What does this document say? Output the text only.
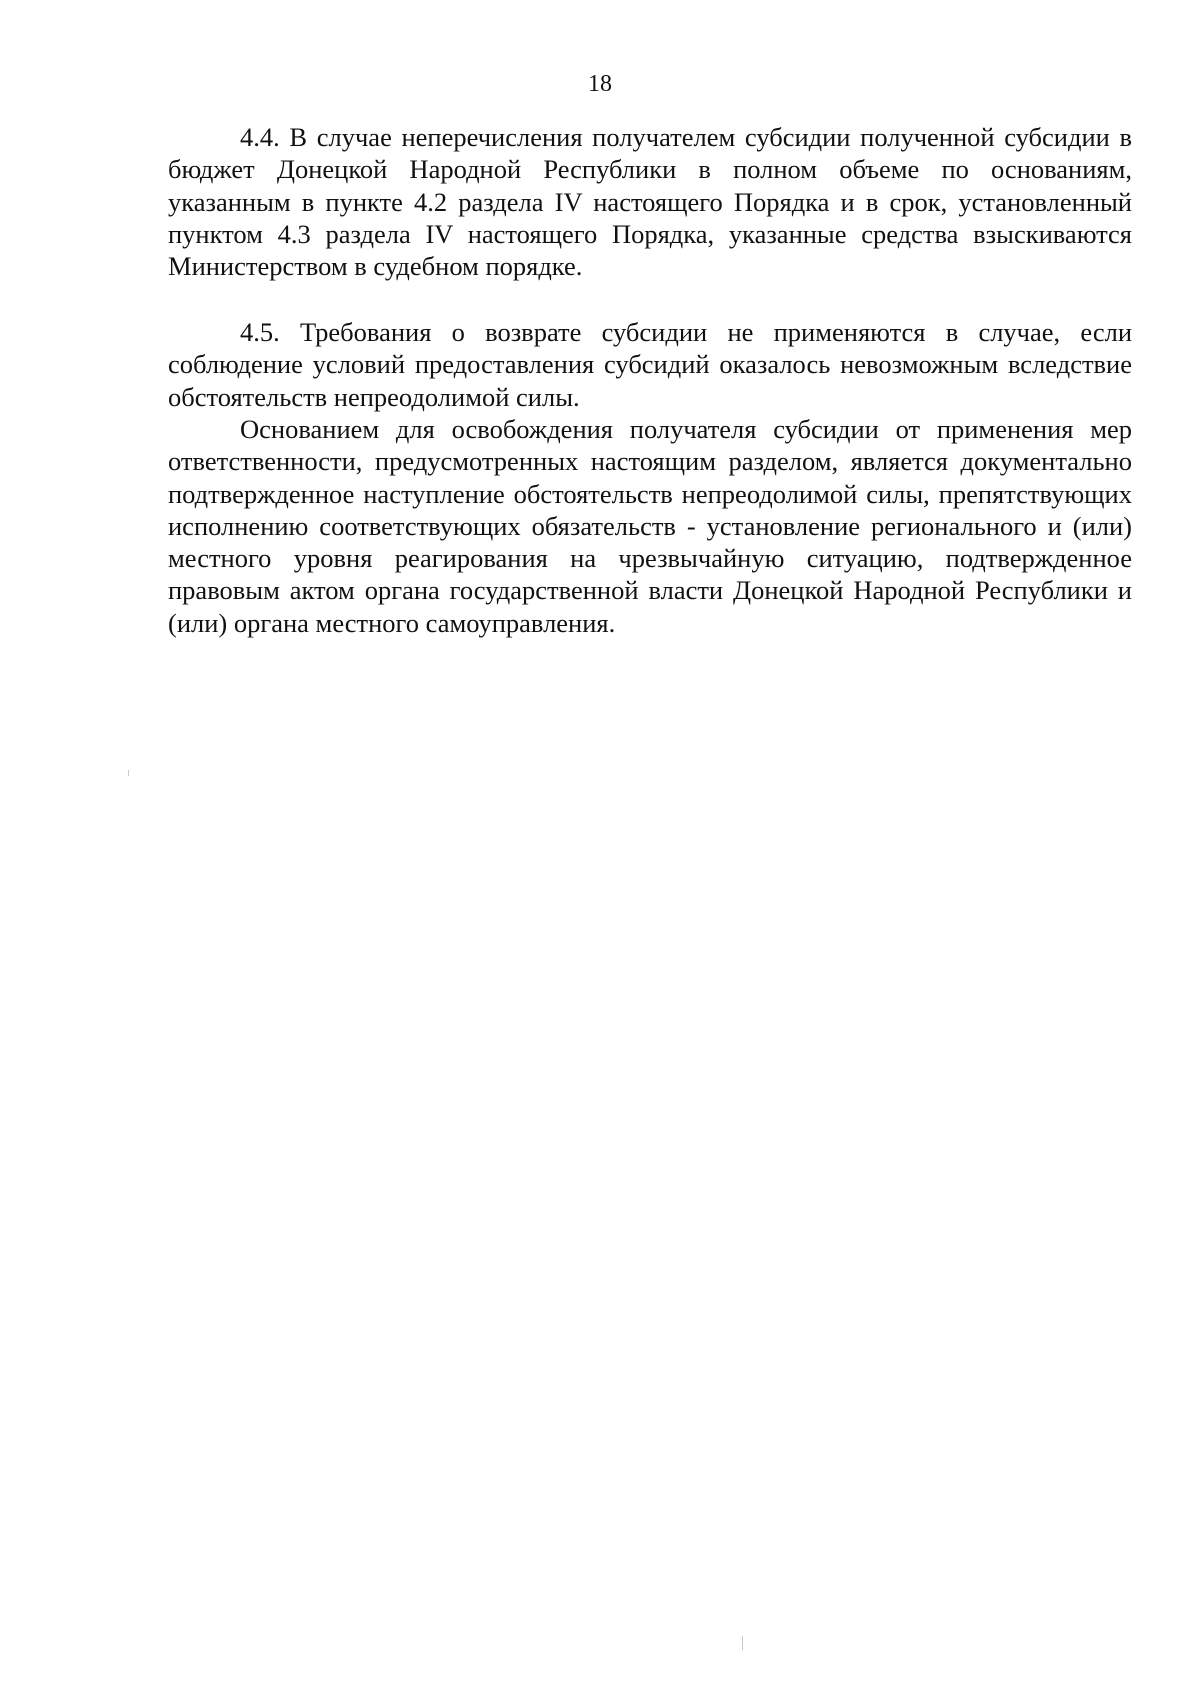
18

4.4. В случае неперечисления получателем субсидии полученной субсидии в бюджет Донецкой Народной Республики в полном объеме по основаниям, указанным в пункте 4.2 раздела IV настоящего Порядка и в срок, установленный пунктом 4.3 раздела IV настоящего Порядка, указанные средства взыскиваются Министерством в судебном порядке.

4.5. Требования о возврате субсидии не применяются в случае, если соблюдение условий предоставления субсидий оказалось невозможным вследствие обстоятельств непреодолимой силы.

Основанием для освобождения получателя субсидии от применения мер ответственности, предусмотренных настоящим разделом, является документально подтвержденное наступление обстоятельств непреодолимой силы, препятствующих исполнению соответствующих обязательств - установление регионального и (или) местного уровня реагирования на чрезвычайную ситуацию, подтвержденное правовым актом органа государственной власти Донецкой Народной Республики и (или) органа местного самоуправления.
